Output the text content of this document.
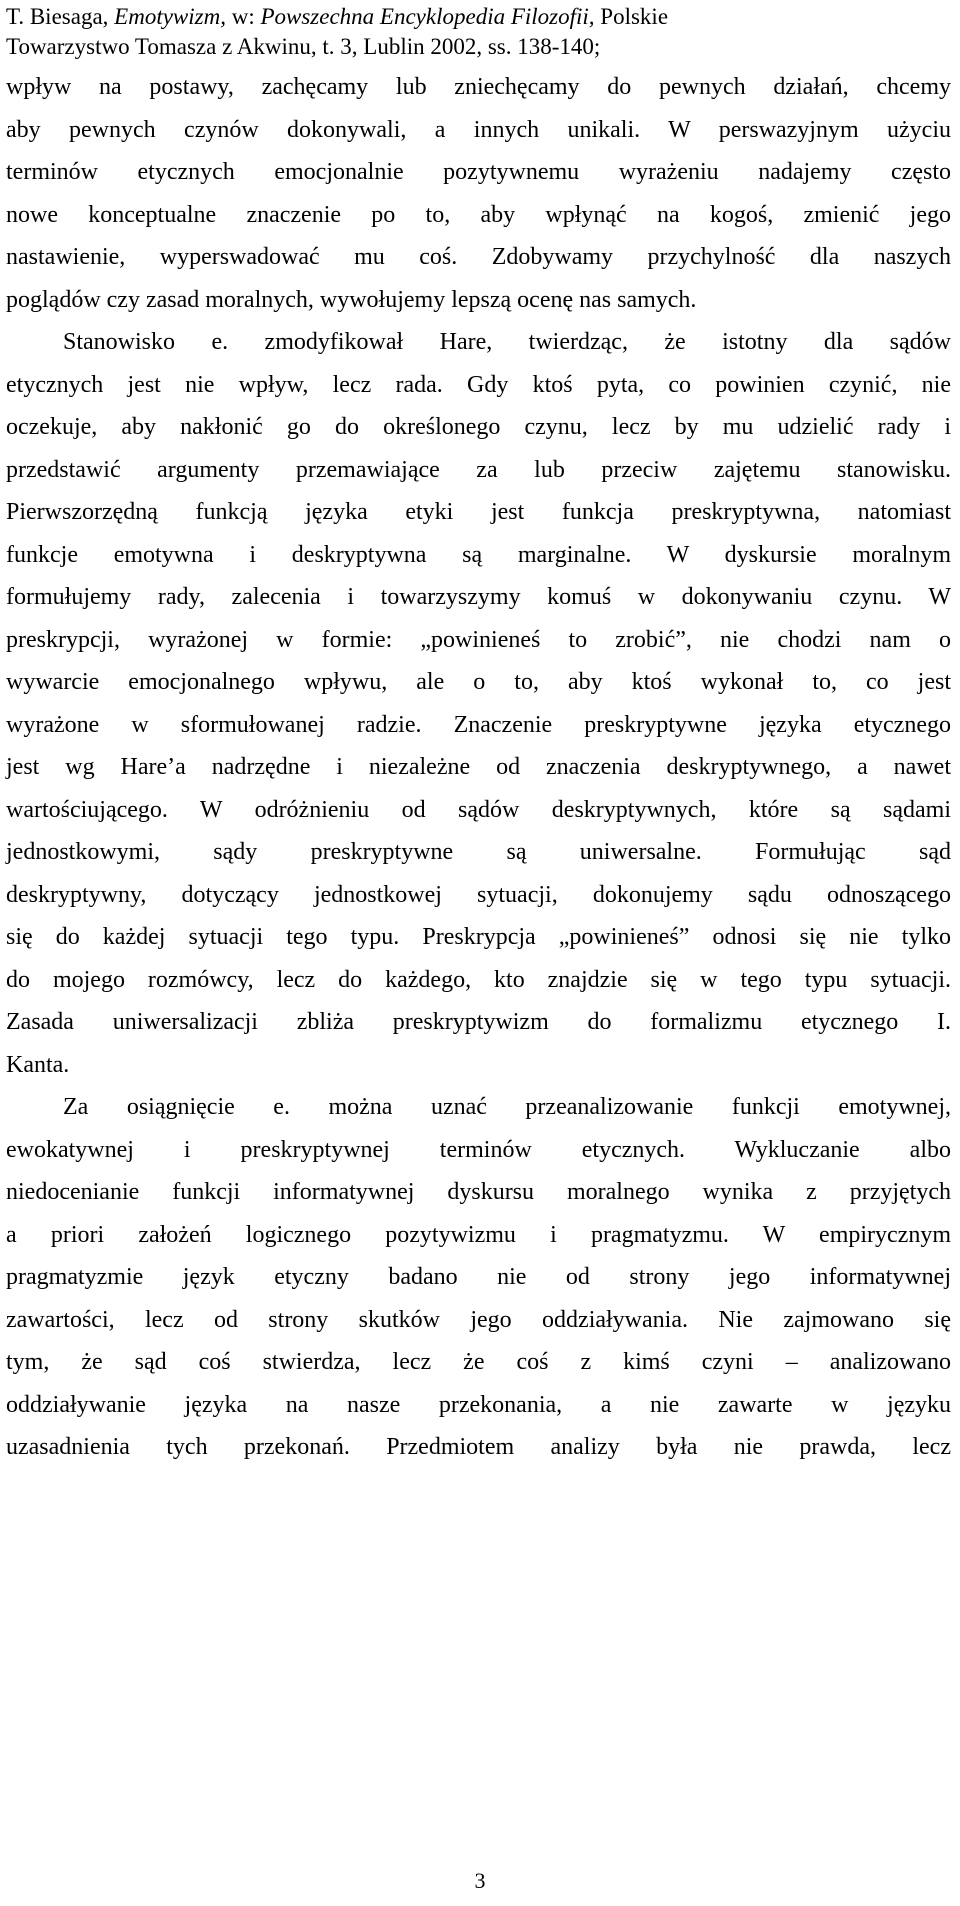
T. Biesaga, Emotywizm, w: Powszechna Encyklopedia Filozofii, Polskie
Towarzystwo Tomasza z Akwinu, t. 3, Lublin 2002, ss. 138-140;
wpływ na postawy, zachęcamy lub zniechęcamy do pewnych działań, chcemy
aby pewnych czynów dokonywali, a innych unikali. W perswazyjnym użyciu
terminów etycznych emocjonalnie pozytywnemu wyrażeniu nadajemy często
nowe konceptualne znaczenie po to, aby wpłynąć na kogoś, zmienić jego
nastawienie, wyperswadować mu coś. Zdobywamy przychylność dla naszych
poglądów czy zasad moralnych, wywołujemy lepszą ocenę nas samych.
Stanowisko e. zmodyfikował Hare, twierdząc, że istotny dla sądów
etycznych jest nie wpływ, lecz rada. Gdy ktoś pyta, co powinien czynić, nie
oczekuje, aby nakłonić go do określonego czynu, lecz by mu udzielić rady i
przedstawić argumenty przemawiające za lub przeciw zajętemu stanowisku.
Pierwszorzędną funkcją języka etyki jest funkcja preskryptywna, natomiast
funkcje emotywna i deskryptywna są marginalne. W dyskursie moralnym
formułujemy rady, zalecenia i towarzyszymy komuś w dokonywaniu czynu. W
preskrypcji, wyrażonej w formie: „powinieneś to zrobić”, nie chodzi nam o
wywarcie emocjonalnego wpływu, ale o to, aby ktoś wykonał to, co jest
wyrażone w sformułowanej radzie. Znaczenie preskryptywne języka etycznego
jest wg Hare’a nadrzędne i niezależne od znaczenia deskryptywnego, a nawet
wartościującego. W odróżnieniu od sądów deskryptywnych, które są sądami
jednostkowymi, sądy preskryptywne są uniwersalne. Formułując sąd
deskryptywny, dotyczący jednostkowej sytuacji, dokonujemy sądu odnoszącego
się do każdej sytuacji tego typu. Preskrypcja „powinieneś” odnosi się nie tylko
do mojego rozmówcy, lecz do każdego, kto znajdzie się w tego typu sytuacji.
Zasada uniwersalizacji zbliża preskryptywizm do formalizmu etycznego I.
Kanta.
Za osiągnięcie e. można uznać przeanalizowanie funkcji emotywnej,
ewokatywnej i preskryptywnej terminów etycznych. Wykluczanie albo
niedocenianie funkcji informatywnej dyskursu moralnego wynika z przyjętych
a priori założeń logicznego pozytywizmu i pragmatyzmu. W empirycznym
pragmatyzmie język etyczny badano nie od strony jego informatywnej
zawartości, lecz od strony skutków jego oddziaływania. Nie zajmowano się
tym, że sąd coś stwierdza, lecz że coś z kimś czyni – analizowano
oddziaływanie języka na nasze przekonania, a nie zawarte w języku
uzasadnienia tych przekonań. Przedmiotem analizy była nie prawda, lecz
3
